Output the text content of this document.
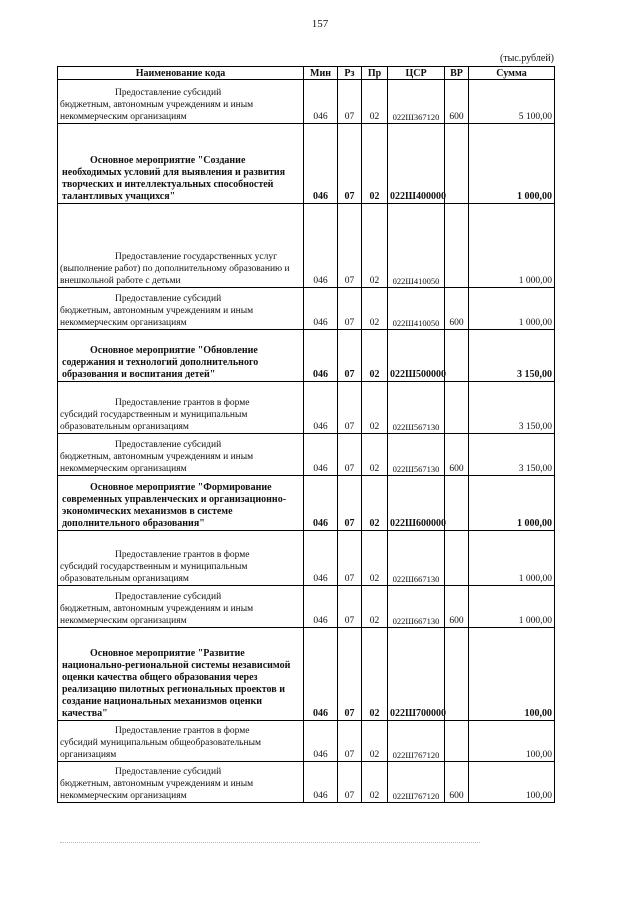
157
(тыс.рублей)
Наименование кода	Мин	Рз	Пр	ЦСР	ВР	Сумма

Предоставление субсидий
бюджетным, автономным учреждениям и иным некоммерческим организациям	046	07	02	022Ш367120	600	5 100,00

Основное мероприятие "Создание
необходимых условий для выявления и развития творческих и интеллектуальных способностей талантливых учащихся"	046	07	02	022Ш400000		1 000,00

Предоставление государственных услуг
(выполнение работ) по дополнительному образованию и внешкольной работе с детьми	046	07	02	022Ш410050		1 000,00

Предоставление субсидий
бюджетным, автономным учреждениям и иным некоммерческим организациям	046	07	02	022Ш410050	600	1 000,00

Основное мероприятие "Обновление
содержания и технологий дополнительного образования и воспитания детей"	046	07	02	022Ш500000		3 150,00

Предоставление грантов в форме
субсидий государственным и муниципальным образовательным организациям	046	07	02	022Ш567130		3 150,00

Предоставление субсидий
бюджетным, автономным учреждениям и иным некоммерческим организациям	046	07	02	022Ш567130	600	3 150,00

Основное мероприятие "Формирование
современных управленческих и организационно-экономических механизмов в системе дополнительного образования"	046	07	02	022Ш600000		1 000,00

Предоставление грантов в форме
субсидий государственным и муниципальным образовательным организациям	046	07	02	022Ш667130		1 000,00

Предоставление субсидий
бюджетным, автономным учреждениям и иным некоммерческим организациям	046	07	02	022Ш667130	600	1 000,00

Основное мероприятие "Развитие
национально-региональной системы независимой оценки качества общего образования через реализацию пилотных региональных проектов и создание национальных механизмов оценки качества"	046	07	02	022Ш700000		100,00

Предоставление грантов в форме
субсидий муниципальным общеобразовательным организациям	046	07	02	022Ш767120		100,00

Предоставление субсидий
бюджетным, автономным учреждениям и иным некоммерческим организациям	046	07	02	022Ш767120	600	100,00
